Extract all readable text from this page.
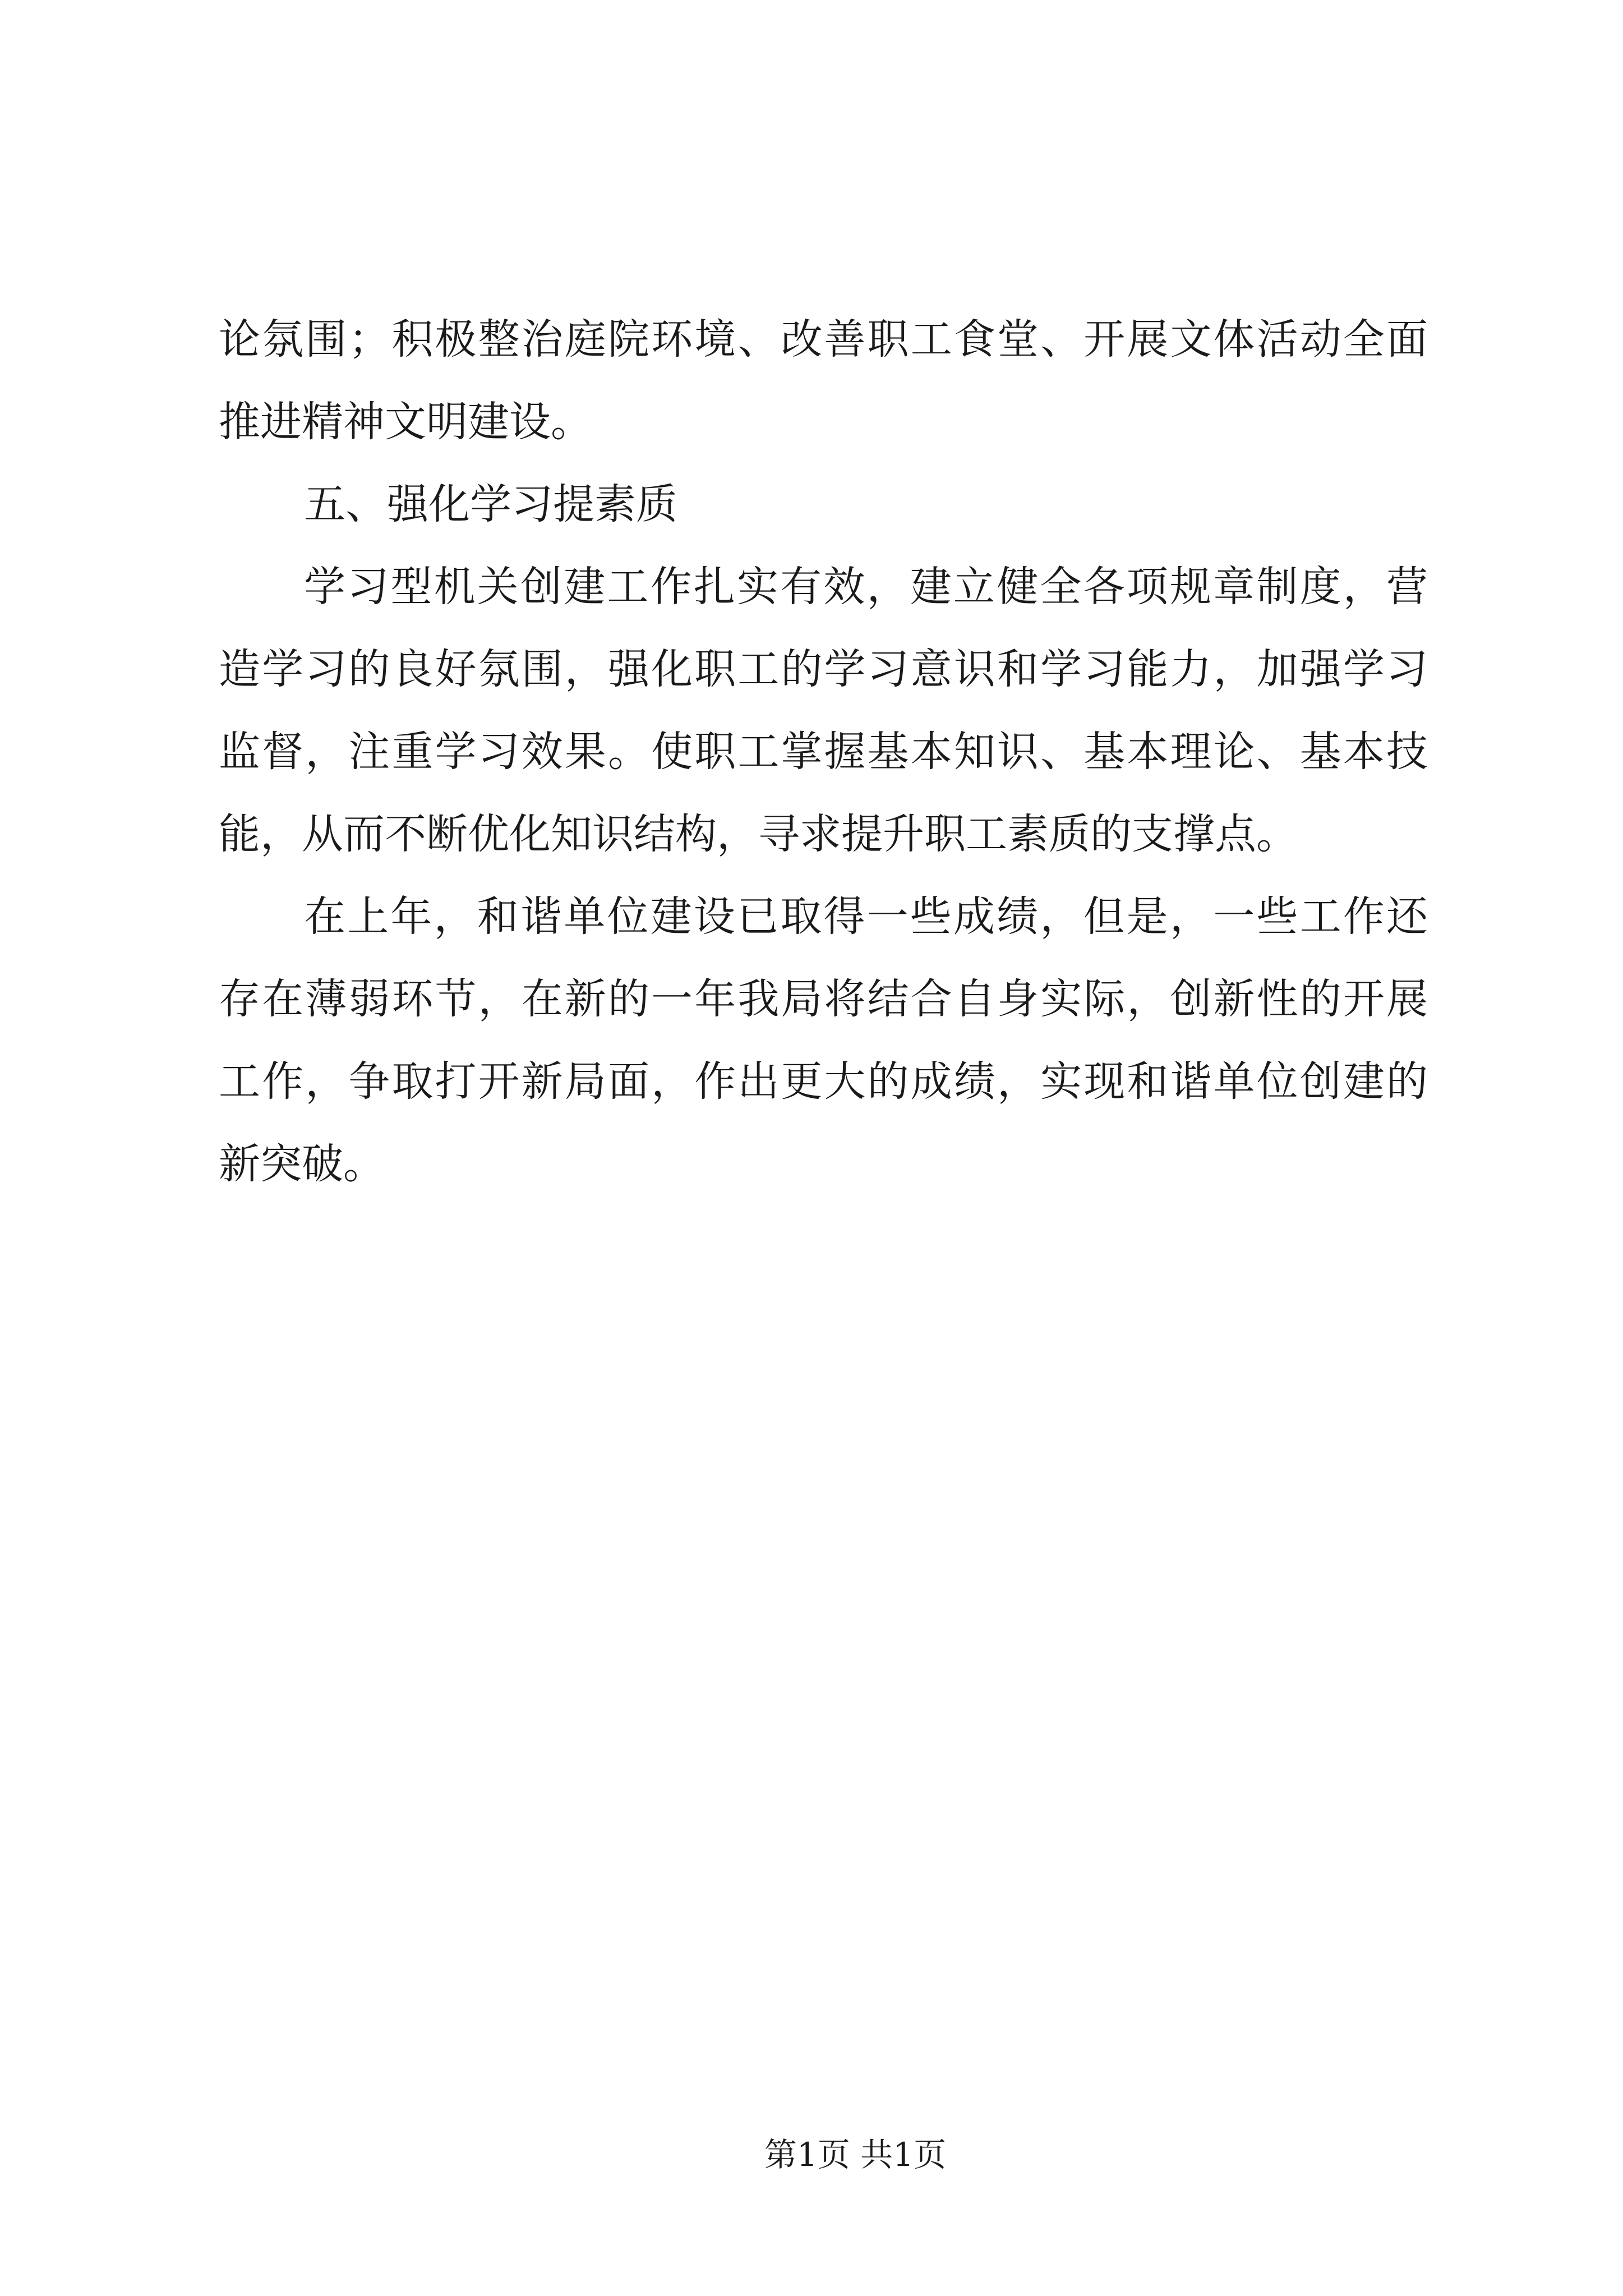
论氛围；积极整治庭院环境、改善职工食堂、开展文体活动全面
推进精神文明建设。
五、强化学习提素质
学习型机关创建工作扎实有效，建立健全各项规章制度，营
造学习的良好氛围，强化职工的学习意识和学习能力，加强学习
监督，注重学习效果。使职工掌握基本知识、基本理论、基本技
能，从而不断优化知识结构，寻求提升职工素质的支撑点。
在上年，和谐单位建设已取得一些成绩，但是，一些工作还
存在薄弱环节，在新的一年我局将结合自身实际，创新性的开展
工作，争取打开新局面，作出更大的成绩，实现和谐单位创建的
新突破。
第1页 共1页
